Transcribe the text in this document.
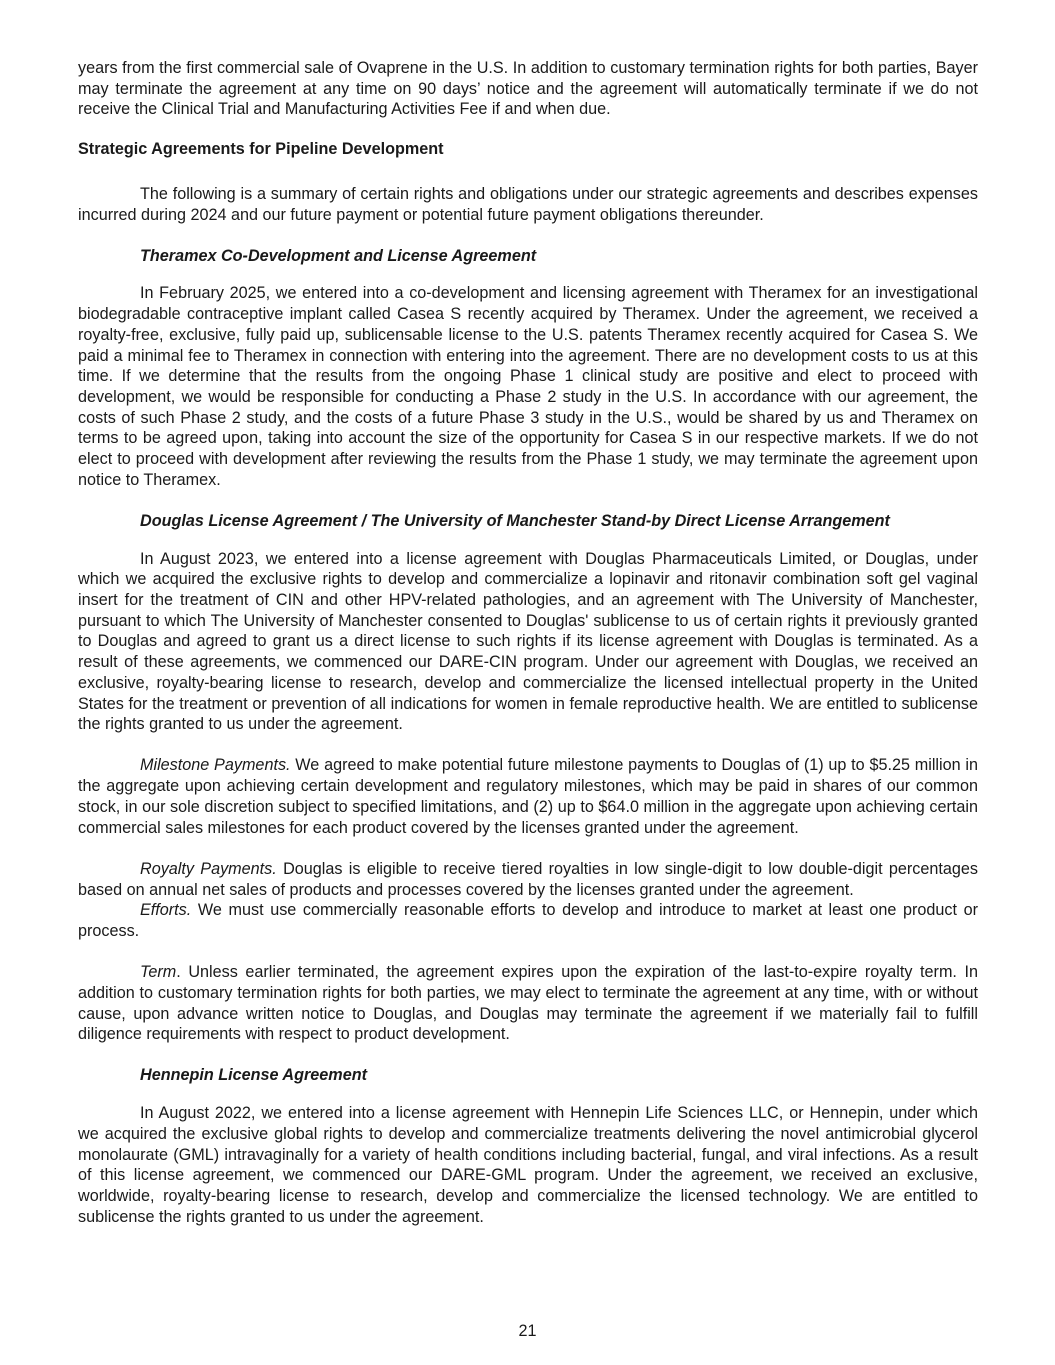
years from the first commercial sale of Ovaprene in the U.S. In addition to customary termination rights for both parties, Bayer may terminate the agreement at any time on 90 days’ notice and the agreement will automatically terminate if we do not receive the Clinical Trial and Manufacturing Activities Fee if and when due.

Strategic Agreements for Pipeline Development

The following is a summary of certain rights and obligations under our strategic agreements and describes expenses incurred during 2024 and our future payment or potential future payment obligations thereunder.

Theramex Co-Development and License Agreement

In February 2025, we entered into a co-development and licensing agreement with Theramex for an investigational biodegradable contraceptive implant called Casea S recently acquired by Theramex. Under the agreement, we received a royalty-free, exclusive, fully paid up, sublicensable license to the U.S. patents Theramex recently acquired for Casea S. We paid a minimal fee to Theramex in connection with entering into the agreement. There are no development costs to us at this time. If we determine that the results from the ongoing Phase 1 clinical study are positive and elect to proceed with development, we would be responsible for conducting a Phase 2 study in the U.S. In accordance with our agreement, the costs of such Phase 2 study, and the costs of a future Phase 3 study in the U.S., would be shared by us and Theramex on terms to be agreed upon, taking into account the size of the opportunity for Casea S in our respective markets. If we do not elect to proceed with development after reviewing the results from the Phase 1 study, we may terminate the agreement upon notice to Theramex.

Douglas License Agreement / The University of Manchester Stand-by Direct License Arrangement

In August 2023, we entered into a license agreement with Douglas Pharmaceuticals Limited, or Douglas, under which we acquired the exclusive rights to develop and commercialize a lopinavir and ritonavir combination soft gel vaginal insert for the treatment of CIN and other HPV-related pathologies, and an agreement with The University of Manchester, pursuant to which The University of Manchester consented to Douglas' sublicense to us of certain rights it previously granted to Douglas and agreed to grant us a direct license to such rights if its license agreement with Douglas is terminated. As a result of these agreements, we commenced our DARE-CIN program. Under our agreement with Douglas, we received an exclusive, royalty-bearing license to research, develop and commercialize the licensed intellectual property in the United States for the treatment or prevention of all indications for women in female reproductive health. We are entitled to sublicense the rights granted to us under the agreement.

Milestone Payments. We agreed to make potential future milestone payments to Douglas of (1) up to $5.25 million in the aggregate upon achieving certain development and regulatory milestones, which may be paid in shares of our common stock, in our sole discretion subject to specified limitations, and (2) up to $64.0 million in the aggregate upon achieving certain commercial sales milestones for each product covered by the licenses granted under the agreement.

Royalty Payments. Douglas is eligible to receive tiered royalties in low single-digit to low double-digit percentages based on annual net sales of products and processes covered by the licenses granted under the agreement.

Efforts. We must use commercially reasonable efforts to develop and introduce to market at least one product or process.

Term. Unless earlier terminated, the agreement expires upon the expiration of the last-to-expire royalty term. In addition to customary termination rights for both parties, we may elect to terminate the agreement at any time, with or without cause, upon advance written notice to Douglas, and Douglas may terminate the agreement if we materially fail to fulfill diligence requirements with respect to product development.

Hennepin License Agreement

In August 2022, we entered into a license agreement with Hennepin Life Sciences LLC, or Hennepin, under which we acquired the exclusive global rights to develop and commercialize treatments delivering the novel antimicrobial glycerol monolaurate (GML) intravaginally for a variety of health conditions including bacterial, fungal, and viral infections. As a result of this license agreement, we commenced our DARE-GML program. Under the agreement, we received an exclusive, worldwide, royalty-bearing license to research, develop and commercialize the licensed technology. We are entitled to sublicense the rights granted to us under the agreement.

21
